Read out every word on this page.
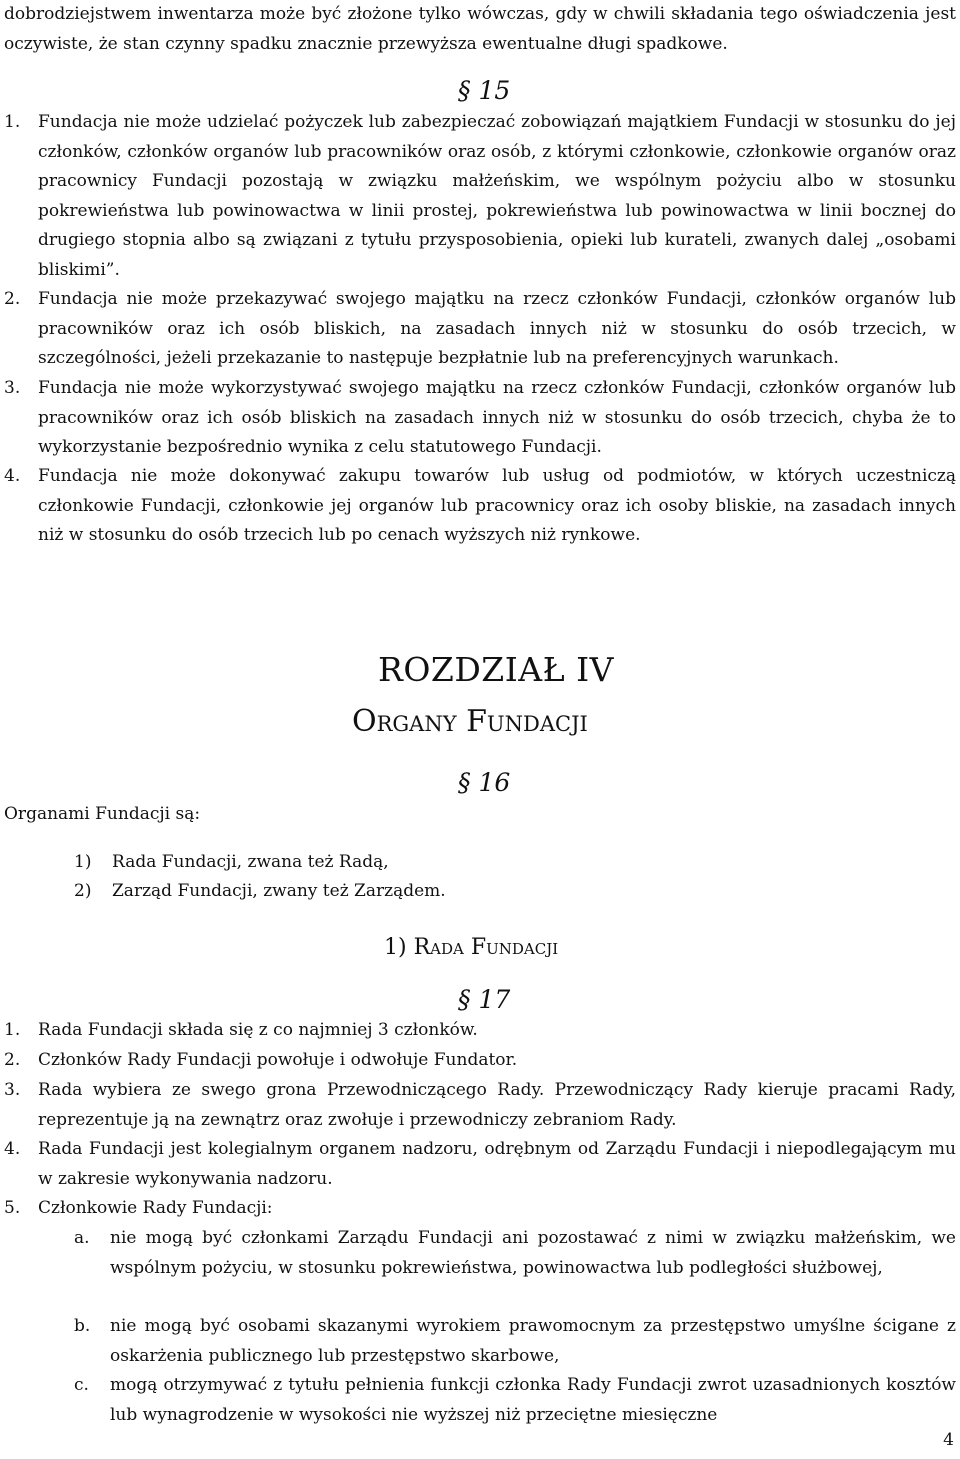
dobrodziejstwem inwentarza może być złożone tylko wówczas, gdy w chwili składania tego oświadczenia jest oczywiste, że stan czynny spadku znacznie przewyższa ewentualne długi spadkowe.
§ 15
1. Fundacja nie może udzielać pożyczek lub zabezpieczać zobowiązań majątkiem Fundacji w stosunku do jej członków, członków organów lub pracowników oraz osób, z którymi członkowie, członkowie organów oraz pracownicy Fundacji pozostają w związku małżeńskim, we wspólnym pożyciu albo w stosunku pokrewieństwa lub powinowactwa w linii prostej, pokrewieństwa lub powinowactwa w linii bocznej do drugiego stopnia albo są związani z tytułu przysposobienia, opieki lub kurateli, zwanych dalej „osobami bliskimi”.
2. Fundacja nie może przekazywać swojego majątku na rzecz członków Fundacji, członków organów lub pracowników oraz ich osób bliskich, na zasadach innych niż w stosunku do osób trzecich, w szczególności, jeżeli przekazanie to następuje bezpłatnie lub na preferencyjnych warunkach.
3. Fundacja nie może wykorzystywać swojego majątku na rzecz członków Fundacji, członków organów lub pracowników oraz ich osób bliskich na zasadach innych niż w stosunku do osób trzecich, chyba że to wykorzystanie bezpośrednio wynika z celu statutowego Fundacji.
4. Fundacja nie może dokonywać zakupu towarów lub usług od podmiotów, w których uczestniczą członkowie Fundacji, członkowie jej organów lub pracownicy oraz ich osoby bliskie, na zasadach innych niż w stosunku do osób trzecich lub po cenach wyższych niż rynkowe.
ROZDZIAŁ IV
Organy Fundacji
§ 16
Organami Fundacji są:
1) Rada Fundacji, zwana też Radą,
2) Zarząd Fundacji, zwany też Zarządem.
1) Rada Fundacji
§ 17
1. Rada Fundacji składa się z co najmniej 3 członków.
2. Członków Rady Fundacji powołuje i odwołuje Fundator.
3. Rada wybiera ze swego grona Przewodniczącego Rady. Przewodniczący Rady kieruje pracami Rady, reprezentuje ją na zewnątrz oraz zwołuje i przewodniczy zebraniom Rady.
4. Rada Fundacji jest kolegialnym organem nadzoru, odrębnym od Zarządu Fundacji i niepodlegającym mu w zakresie wykonywania nadzoru.
5. Członkowie Rady Fundacji:
a. nie mogą być członkami Zarządu Fundacji ani pozostawać z nimi w związku małżeńskim, we wspólnym pożyciu, w stosunku pokrewieństwa, powinowactwa lub podległości służbowej,
b. nie mogą być osobami skazanymi wyrokiem prawomocnym za przestępstwo umyślne ścigane z oskarżenia publicznego lub przestępstwo skarbowe,
c. mogą otrzymywać z tytułu pełnienia funkcji członka Rady Fundacji zwrot uzasadnionych kosztów lub wynagrodzenie w wysokości nie wyższej niż przeciętne miesięczne
4
